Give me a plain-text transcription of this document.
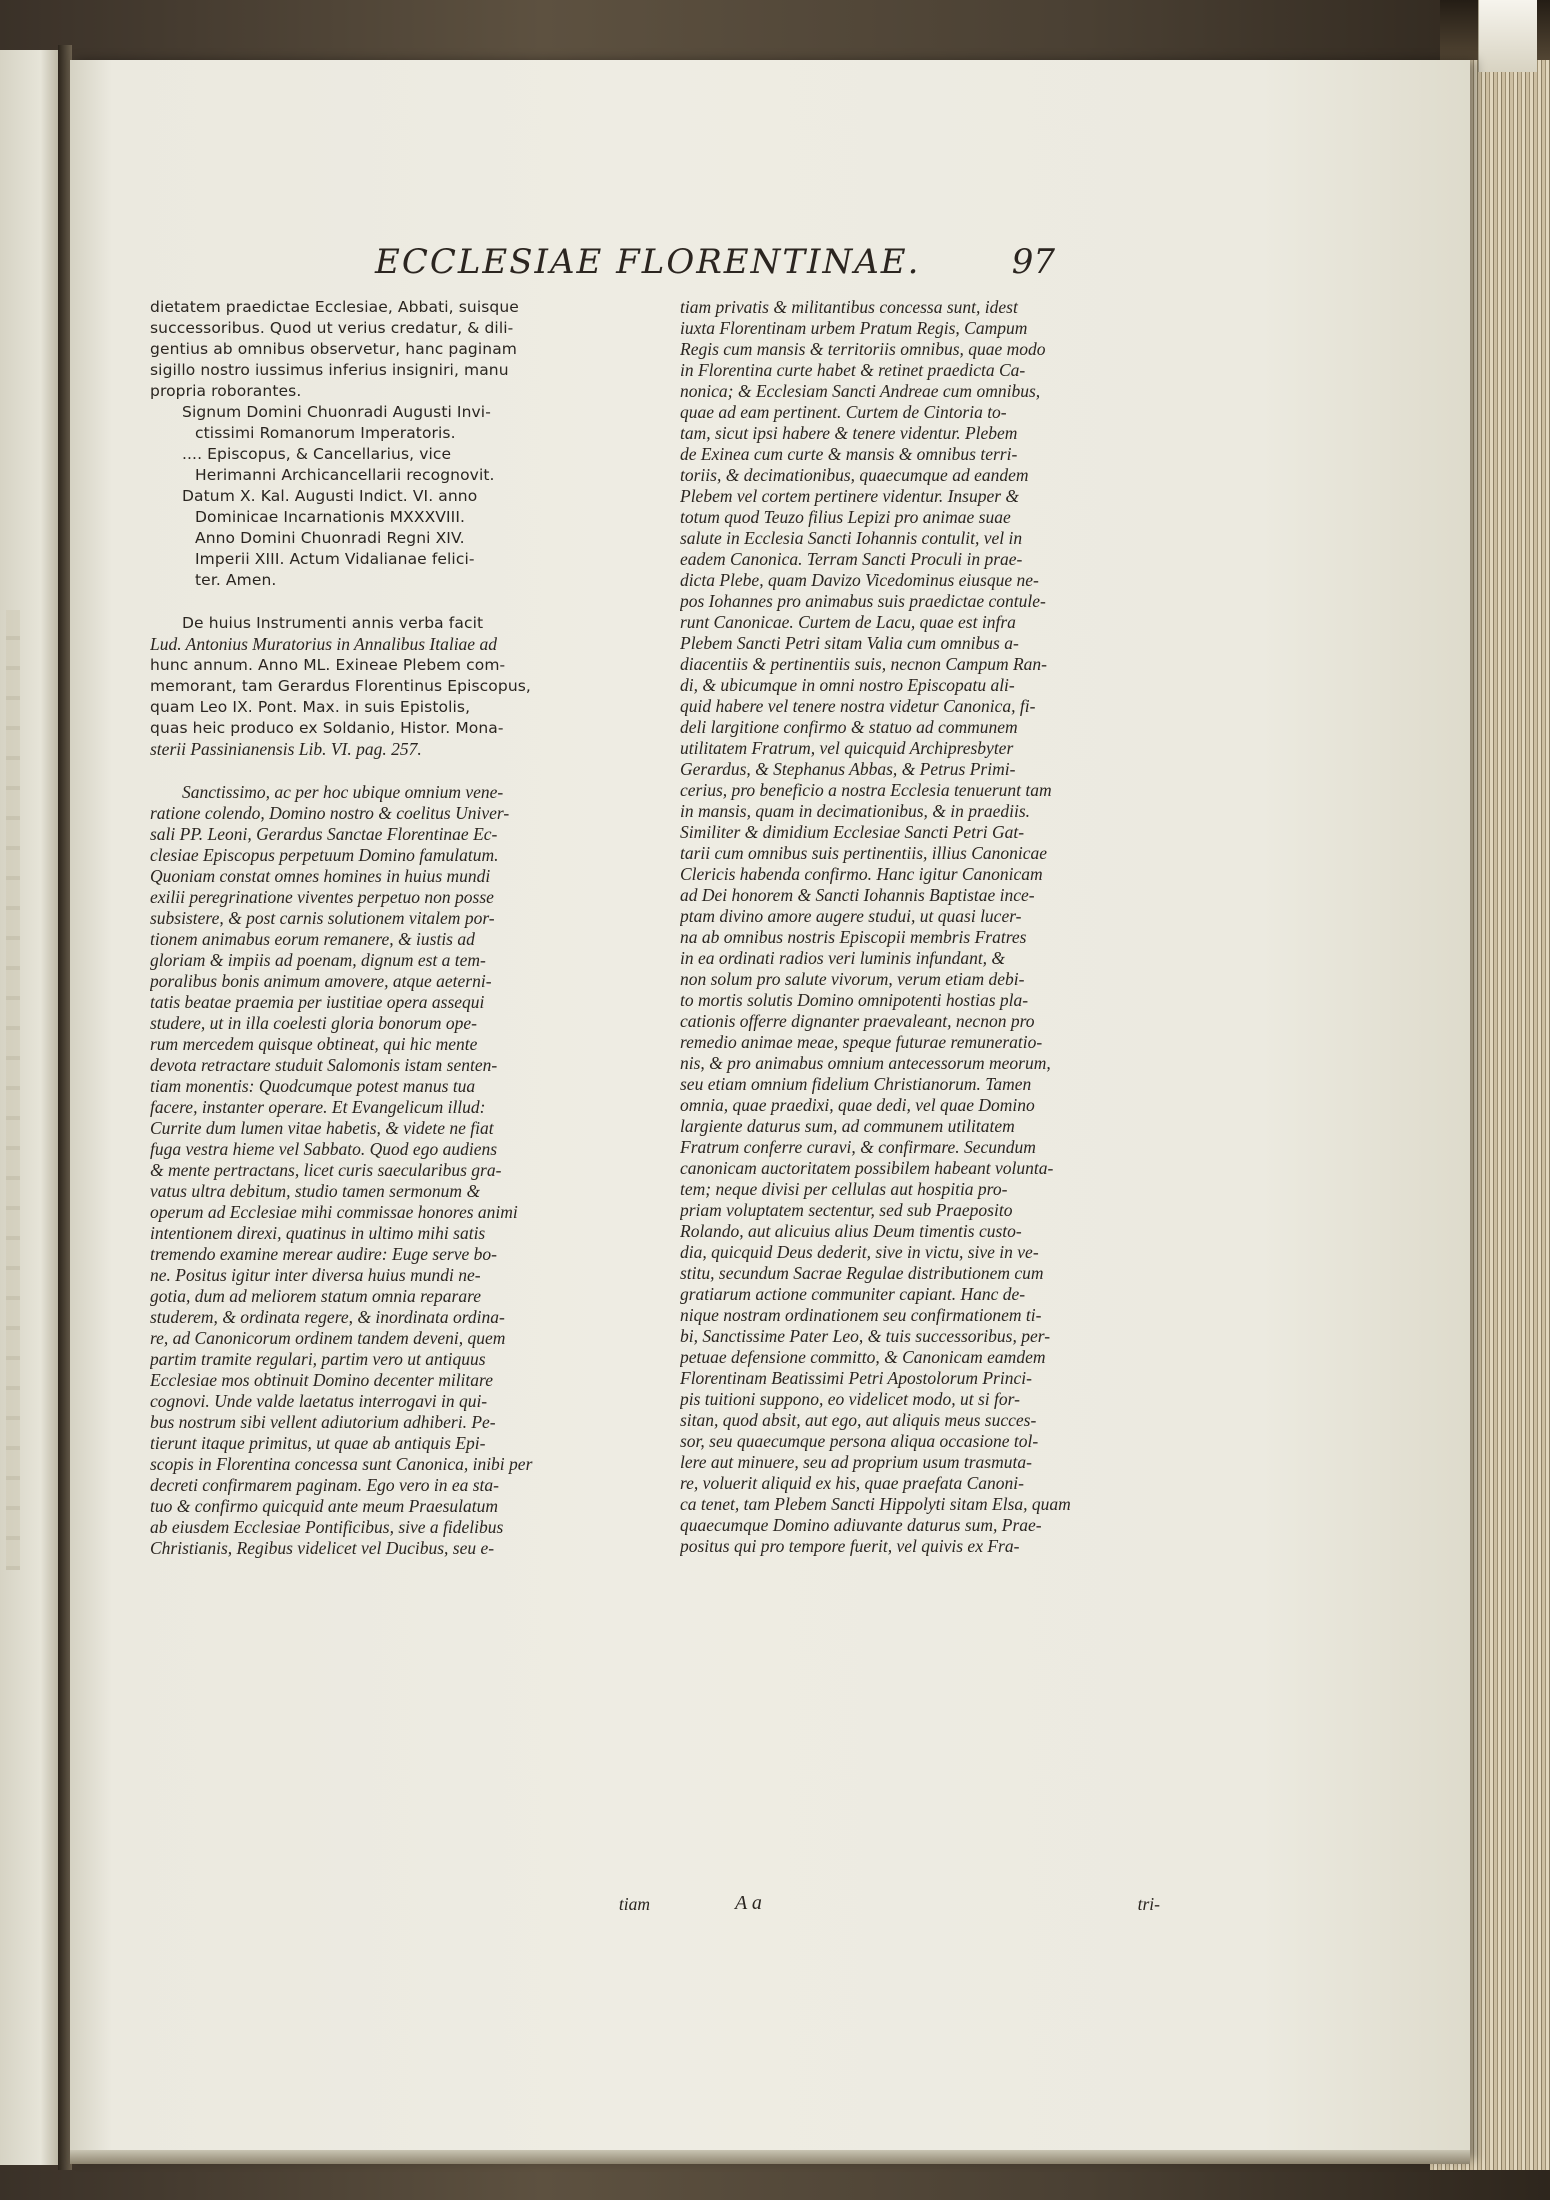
ECCLESIAE FLORENTINAE.	97
dietatem praedictae Ecclesiae, Abbati, suisque
successoribus. Quod ut verius credatur, & dili-
gentius ab omnibus observetur, hanc paginam
sigillo nostro iussimus inferius insigniri, manu
propria roborantes.
Signum Domini Chuonradi Augusti Invi-
ctissimi Romanorum Imperatoris.
.... Episcopus, & Cancellarius, vice
Herimanni Archicancellarii recognovit.
Datum X. Kal. Augusti Indict. VI. anno
Dominicae Incarnationis MXXXVIII.
Anno Domini Chuonradi Regni XIV.
Imperii XIII. Actum Vidalianae felici-
ter. Amen.
De huius Instrumenti annis verba facit
Lud. Antonius Muratorius in Annalibus Italiae ad
hunc annum. Anno ML. Exineae Plebem com-
memorant, tam Gerardus Florentinus Episcopus,
quam Leo IX. Pont. Max. in suis Epistolis,
quas heic produco ex Soldanio, Histor. Mona-
sterii Passinianensis Lib. VI. pag. 257.
Sanctissimo, ac per hoc ubique omnium vene-
ratione colendo, Domino nostro & coelitus Univer-
sali PP. Leoni, Gerardus Sanctae Florentinae Ec-
clesiae Episcopus perpetuum Domino famulatum.
Quoniam constat omnes homines in huius mundi
exilii peregrinatione viventes perpetuo non posse
subsistere, & post carnis solutionem vitalem por-
tionem animabus eorum remanere, & iustis ad
gloriam & impiis ad poenam, dignum est a tem-
poralibus bonis animum amovere, atque aeterni-
tatis beatae praemia per iustitiae opera assequi
studere, ut in illa coelesti gloria bonorum ope-
rum mercedem quisque obtineat, qui hic mente
devota retractare studuit Salomonis istam senten-
tiam monentis: Quodcumque potest manus tua
facere, instanter operare. Et Evangelicum illud:
Currite dum lumen vitae habetis, & videte ne fiat
fuga vestra hieme vel Sabbato. Quod ego audiens
& mente pertractans, licet curis saecularibus gra-
vatus ultra debitum, studio tamen sermonum &
operum ad Ecclesiae mihi commissae honores animi
intentionem direxi, quatinus in ultimo mihi satis
tremendo examine merear audire: Euge serve bo-
ne. Positus igitur inter diversa huius mundi ne-
gotia, dum ad meliorem statum omnia reparare
studerem, & ordinata regere, & inordinata ordina-
re, ad Canonicorum ordinem tandem deveni, quem
partim tramite regulari, partim vero ut antiquus
Ecclesiae mos obtinuit Domino decenter militare
cognovi. Unde valde laetatus interrogavi in qui-
bus nostrum sibi vellent adiutorium adhiberi. Pe-
tierunt itaque primitus, ut quae ab antiquis Epi-
scopis in Florentina concessa sunt Canonica, inibi per
decreti confirmarem paginam. Ego vero in ea sta-
tuo & confirmo quicquid ante meum Praesulatum
ab eiusdem Ecclesiae Pontificibus, sive a fidelibus
Christianis, Regibus videlicet vel Ducibus, seu e-
tiam privatis & militantibus concessa sunt, idest
iuxta Florentinam urbem Pratum Regis, Campum
Regis cum mansis & territoriis omnibus, quae modo
in Florentina curte habet & retinet praedicta Ca-
nonica; & Ecclesiam Sancti Andreae cum omnibus,
quae ad eam pertinent. Curtem de Cintoria to-
tam, sicut ipsi habere & tenere videntur. Plebem
de Exinea cum curte & mansis & omnibus terri-
toriis, & decimationibus, quaecumque ad eandem
Plebem vel cortem pertinere videntur. Insuper &
totum quod Teuzo filius Lepizi pro animae suae
salute in Ecclesia Sancti Iohannis contulit, vel in
eadem Canonica. Terram Sancti Proculi in prae-
dicta Plebe, quam Davizo Vicedominus eiusque ne-
pos Iohannes pro animabus suis praedictae contule-
runt Canonicae. Curtem de Lacu, quae est infra
Plebem Sancti Petri sitam Valia cum omnibus a-
diacentiis & pertinentiis suis, necnon Campum Ran-
di, & ubicumque in omni nostro Episcopatu ali-
quid habere vel tenere nostra videtur Canonica, fi-
deli largitione confirmo & statuo ad communem
utilitatem Fratrum, vel quicquid Archipresbyter
Gerardus, & Stephanus Abbas, & Petrus Primi-
cerius, pro beneficio a nostra Ecclesia tenuerunt tam
in mansis, quam in decimationibus, & in praediis.
Similiter & dimidium Ecclesiae Sancti Petri Gat-
tarii cum omnibus suis pertinentiis, illius Canonicae
Clericis habenda confirmo. Hanc igitur Canonicam
ad Dei honorem & Sancti Iohannis Baptistae ince-
ptam divino amore augere studui, ut quasi lucer-
na ab omnibus nostris Episcopii membris Fratres
in ea ordinati radios veri luminis infundant, &
non solum pro salute vivorum, verum etiam debi-
to mortis solutis Domino omnipotenti hostias pla-
cationis offerre dignanter praevaleant, necnon pro
remedio animae meae, speque futurae remuneratio-
nis, & pro animabus omnium antecessorum meorum,
seu etiam omnium fidelium Christianorum. Tamen
omnia, quae praedixi, quae dedi, vel quae Domino
largiente daturus sum, ad communem utilitatem
Fratrum conferre curavi, & confirmare. Secundum
canonicam auctoritatem possibilem habeant volunta-
tem; neque divisi per cellulas aut hospitia pro-
priam voluptatem sectentur, sed sub Praeposito
Rolando, aut alicuius alius Deum timentis custo-
dia, quicquid Deus dederit, sive in victu, sive in ve-
stitu, secundum Sacrae Regulae distributionem cum
gratiarum actione communiter capiant. Hanc de-
nique nostram ordinationem seu confirmationem ti-
bi, Sanctissime Pater Leo, & tuis successoribus, per-
petuae defensione committo, & Canonicam eamdem
Florentinam Beatissimi Petri Apostolorum Princi-
pis tuitioni suppono, eo videlicet modo, ut si for-
sitan, quod absit, aut ego, aut aliquis meus succes-
sor, seu quaecumque persona aliqua occasione tol-
lere aut minuere, seu ad proprium usum trasmuta-
re, voluerit aliquid ex his, quae praefata Canoni-
ca tenet, tam Plebem Sancti Hippolyti sitam Elsa, quam
quaecumque Domino adiuvante daturus sum, Prae-
positus qui pro tempore fuerit, vel quivis ex Fra-
tiam	A a	tri-
